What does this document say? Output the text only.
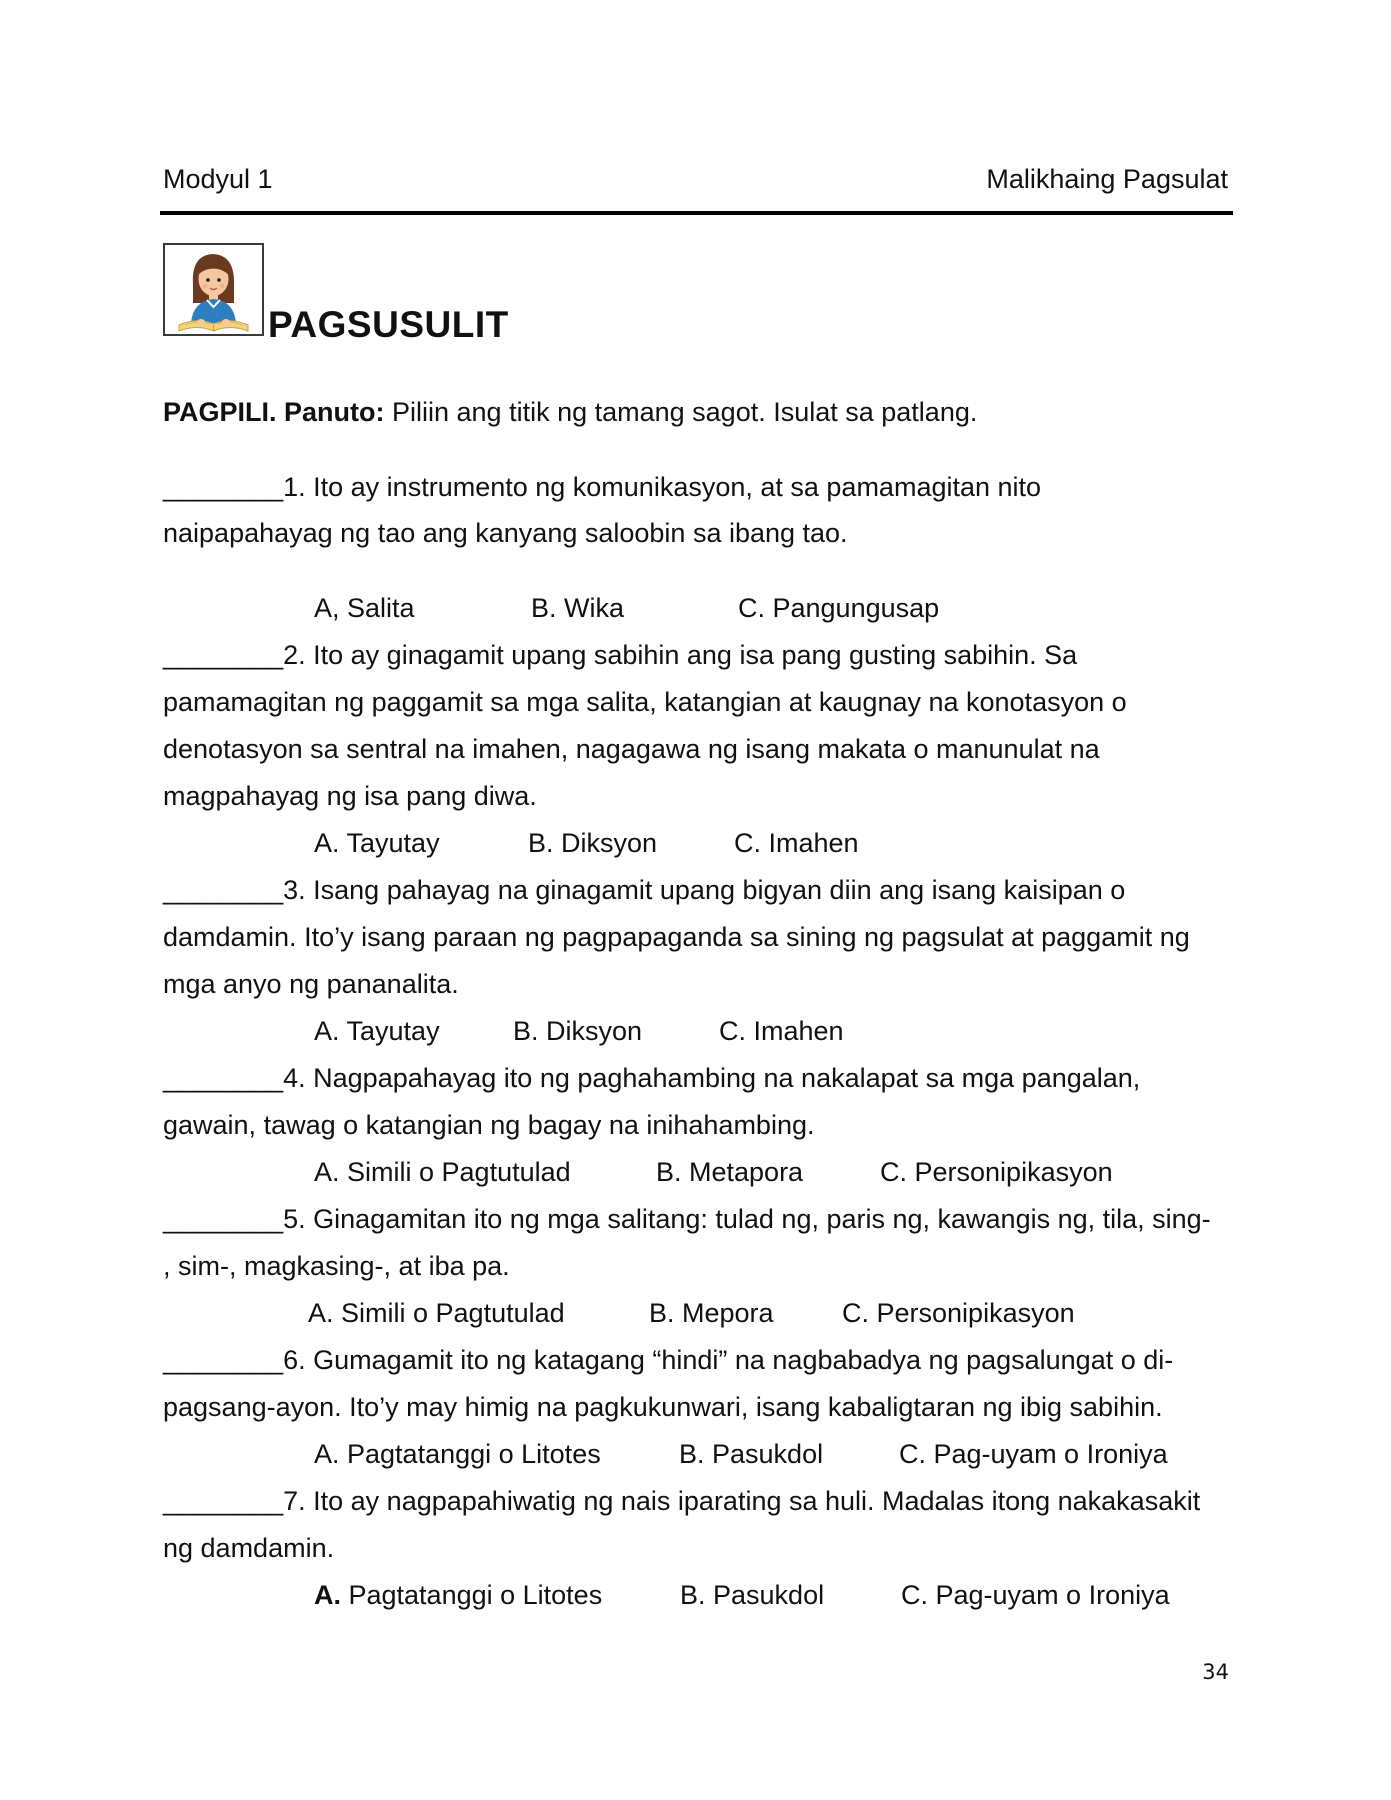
Modyul 1	Malikhaing Pagsulat
PAGSUSULIT
PAGPILI. Panuto: Piliin ang titik ng tamang sagot. Isulat sa patlang.
________1. Ito ay instrumento ng komunikasyon, at sa pamamagitan nito
naipapahayag ng tao ang kanyang saloobin sa ibang tao.
A, Salita	B. Wika	C. Pangungusap
________2. Ito ay ginagamit upang sabihin ang isa pang gusting sabihin. Sa
pamamagitan ng paggamit sa mga salita, katangian at kaugnay na konotasyon o
denotasyon sa sentral na imahen, nagagawa ng isang makata o manunulat na
magpahayag ng isa pang diwa.
A. Tayutay	B. Diksyon	C. Imahen
________3. Isang pahayag na ginagamit upang bigyan diin ang isang kaisipan o
damdamin. Ito’y isang paraan ng pagpapaganda sa sining ng pagsulat at paggamit ng
mga anyo ng pananalita.
A. Tayutay	B. Diksyon	C. Imahen
________4. Nagpapahayag ito ng paghahambing na nakalapat sa mga pangalan,
gawain, tawag o katangian ng bagay na inihahambing.
A. Simili o Pagtutulad	B. Metapora	C. Personipikasyon
________5. Ginagamitan ito ng mga salitang: tulad ng, paris ng, kawangis ng, tila, sing-
, sim-, magkasing-, at iba pa.
A. Simili o Pagtutulad	B. Mepora	C. Personipikasyon
________6. Gumagamit ito ng katagang “hindi” na nagbabadya ng pagsalungat o di-
pagsang-ayon. Ito’y may himig na pagkukunwari, isang kabaligtaran ng ibig sabihin.
A. Pagtatanggi o Litotes	B. Pasukdol	C. Pag-uyam o Ironiya
________7. Ito ay nagpapahiwatig ng nais iparating sa huli. Madalas itong nakakasakit
ng damdamin.
A. Pagtatanggi o Litotes	B. Pasukdol	C. Pag-uyam o Ironiya
34
